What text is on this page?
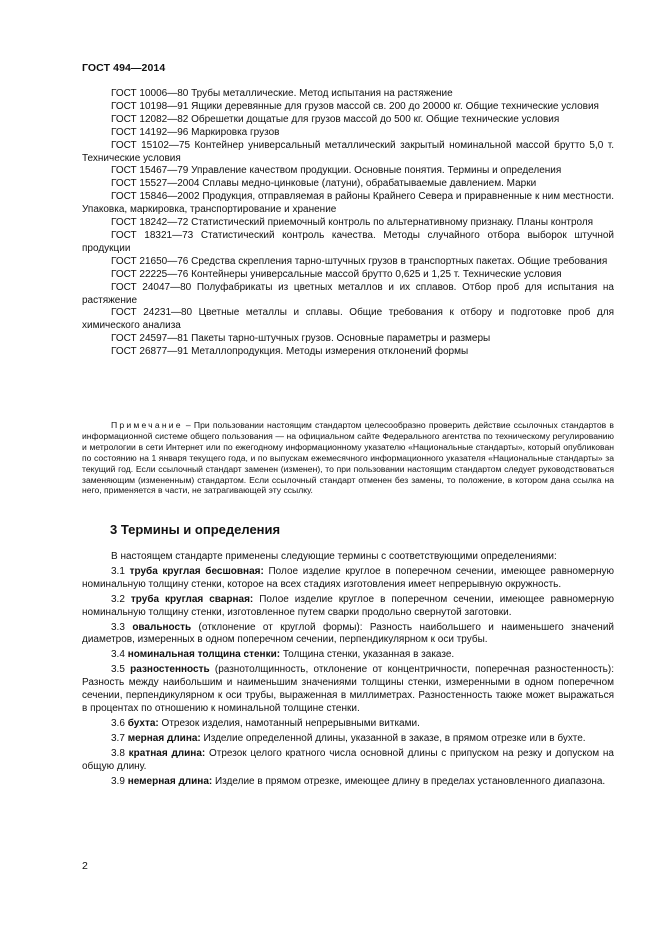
ГОСТ 494—2014

ГОСТ 10006—80 Трубы металлические. Метод испытания на растяжение

ГОСТ 10198—91 Ящики деревянные для грузов массой св. 200 до 20000 кг. Общие технические условия

ГОСТ 12082—82 Обрешетки дощатые для грузов массой до 500 кг. Общие технические условия

ГОСТ 14192—96 Маркировка грузов

ГОСТ 15102—75 Контейнер универсальный металлический закрытый номинальной массой брутто 5,0 т. Технические условия

ГОСТ 15467—79 Управление качеством продукции. Основные понятия. Термины и определения

ГОСТ 15527—2004 Сплавы медно-цинковые (латуни), обрабатываемые давлением. Марки

ГОСТ 15846—2002 Продукция, отправляемая в районы Крайнего Севера и приравненные к ним местности. Упаковка, маркировка, транспортирование и хранение

ГОСТ 18242—72 Статистический приемочный контроль по альтернативному признаку. Планы контроля

ГОСТ 18321—73 Статистический контроль качества. Методы случайного отбора выборок штучной продукции

ГОСТ 21650—76 Средства скрепления тарно-штучных грузов в транспортных пакетах. Общие требования

ГОСТ 22225—76 Контейнеры универсальные массой брутто 0,625 и 1,25 т. Технические условия

ГОСТ 24047—80 Полуфабрикаты из цветных металлов и их сплавов. Отбор проб для испытания на растяжение

ГОСТ 24231—80 Цветные металлы и сплавы. Общие требования к отбору и подготовке проб для химического анализа

ГОСТ 24597—81 Пакеты тарно-штучных грузов. Основные параметры и размеры

ГОСТ 26877—91 Металлопродукция. Методы измерения отклонений формы

Примечание – При пользовании настоящим стандартом целесообразно проверить действие ссылочных стандартов в информационной системе общего пользования — на официальном сайте Федерального агентства по техническому регулированию и метрологии в сети Интернет или по ежегодному информационному указателю «Национальные стандарты», который опубликован по состоянию на 1 января текущего года, и по выпускам ежемесячного информационного указателя «Национальные стандарты» за текущий год. Если ссылочный стандарт заменен (изменен), то при пользовании настоящим стандартом следует руководствоваться заменяющим (измененным) стандартом. Если ссылочный стандарт отменен без замены, то положение, в котором дана ссылка на него, применяется в части, не затрагивающей эту ссылку.
3 Термины и определения

В настоящем стандарте применены следующие термины с соответствующими определениями:

3.1 труба круглая бесшовная: Полое изделие круглое в поперечном сечении, имеющее равномерную номинальную толщину стенки, которое на всех стадиях изготовления имеет непрерывную окружность.

3.2 труба круглая сварная: Полое изделие круглое в поперечном сечении, имеющее равномерную номинальную толщину стенки, изготовленное путем сварки продольно свернутой заготовки.

3.3 овальность (отклонение от круглой формы): Разность наибольшего и наименьшего значений диаметров, измеренных в одном поперечном сечении, перпендикулярном к оси трубы.

3.4 номинальная толщина стенки: Толщина стенки, указанная в заказе.

3.5 разностенность (разнотолщинность, отклонение от концентричности, поперечная разностенность): Разность между наибольшим и наименьшим значениями толщины стенки, измеренными в одном поперечном сечении, перпендикулярном к оси трубы, выраженная в миллиметрах. Разностенность также может выражаться в процентах по отношению к номинальной толщине стенки.

3.6 бухта: Отрезок изделия, намотанный непрерывными витками.

3.7 мерная длина: Изделие определенной длины, указанной в заказе, в прямом отрезке или в бухте.

3.8 кратная длина: Отрезок целого кратного числа основной длины с припуском на резку и допуском на общую длину.

3.9 немерная длина: Изделие в прямом отрезке, имеющее длину в пределах установленного диапазона.

2
